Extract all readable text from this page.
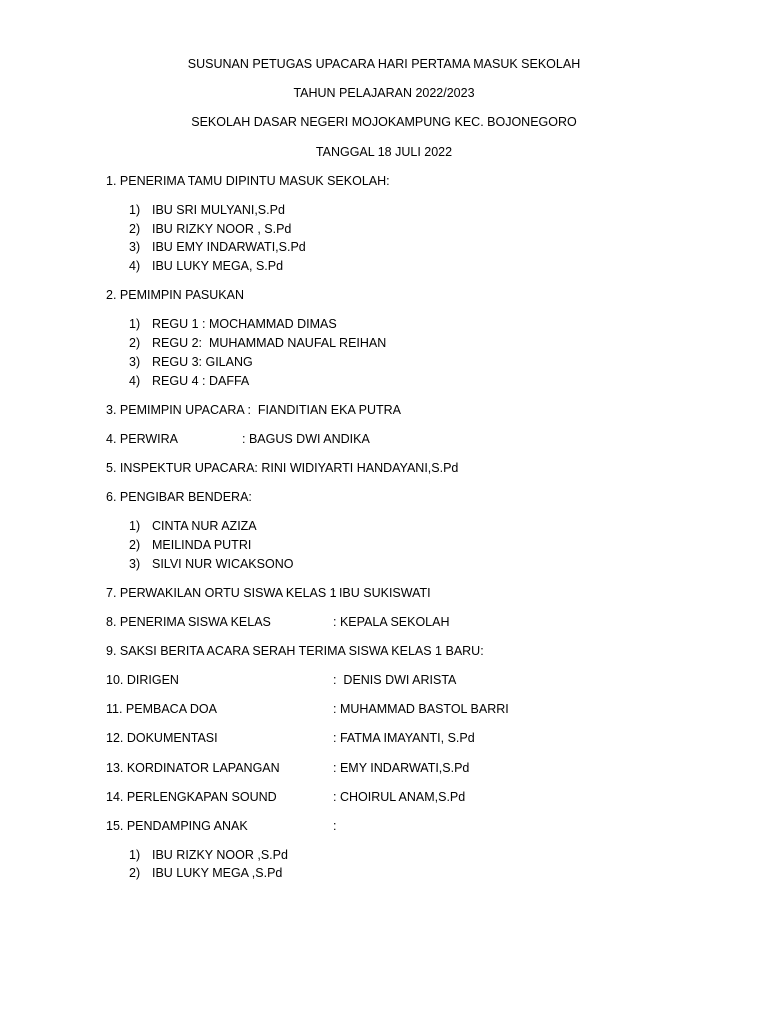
SUSUNAN PETUGAS UPACARA HARI PERTAMA MASUK SEKOLAH
TAHUN PELAJARAN 2022/2023
SEKOLAH DASAR NEGERI MOJOKAMPUNG KEC. BOJONEGORO
TANGGAL 18 JULI 2022
1. PENERIMA TAMU DIPINTU MASUK SEKOLAH:
1) IBU SRI MULYANI,S.Pd
2) IBU RIZKY NOOR , S.Pd
3) IBU EMY INDARWATI,S.Pd
4) IBU LUKY MEGA, S.Pd
2. PEMIMPIN PASUKAN
1) REGU 1 : MOCHAMMAD DIMAS
2) REGU 2:  MUHAMMAD NAUFAL REIHAN
3) REGU 3: GILANG
4) REGU 4 : DAFFA
3. PEMIMPIN UPACARA :  FIANDITIAN EKA PUTRA
4. PERWIRA	: BAGUS DWI ANDIKA
5. INSPEKTUR UPACARA: RINI WIDIYARTI HANDAYANI,S.Pd
6. PENGIBAR BENDERA:
1) CINTA NUR AZIZA
2) MEILINDA PUTRI
3) SILVI NUR WICAKSONO
7. PERWAKILAN ORTU SISWA KELAS 1
: IBU SUKISWATI
8. PENERIMA SISWA KELAS	: KEPALA SEKOLAH
9. SAKSI BERITA ACARA SERAH TERIMA SISWA KELAS 1 BARU:
10. DIRIGEN	:  DENIS DWI ARISTA
11. PEMBACA DOA	: MUHAMMAD BASTOL BARRI
12. DOKUMENTASI	: FATMA IMAYANTI, S.Pd
13. KORDINATOR LAPANGAN	: EMY INDARWATI,S.Pd
14. PERLENGKAPAN SOUND	: CHOIRUL ANAM,S.Pd
15. PENDAMPING ANAK	:
1) IBU RIZKY NOOR ,S.Pd
2) IBU LUKY MEGA ,S.Pd
